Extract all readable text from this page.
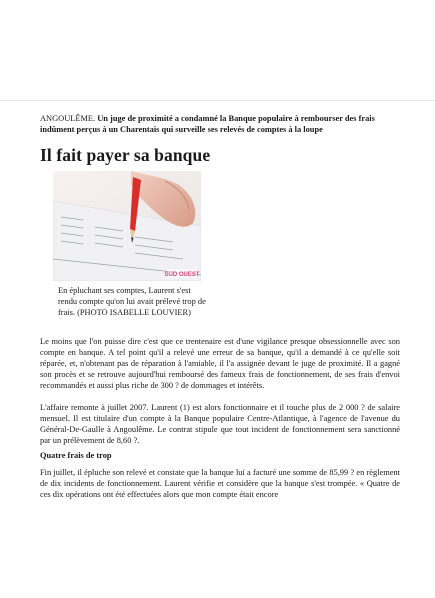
ANGOULÊME. Un juge de proximité a condamné la Banque populaire à rembourser des frais indûment perçus à un Charentais qui surveille ses relevés de comptes à la loupe
Il fait payer sa banque
SUD OUEST
En épluchant ses comptes, Laurent s'est rendu compte qu'on lui avait prélevé trop de frais. (PHOTO ISABELLE LOUVIER)
Le moins que l'on puisse dire c'est que ce trentenaire est d'une vigilance presque obsessionnelle avec son compte en banque. A tel point qu'il a relevé une erreur de sa banque, qu'il a demandé à ce qu'elle soit réparée, et, n'obtenant pas de réparation à l'amiable, il l'a assignée devant le juge de proximité. Il a gagné son procès et se retrouve aujourd'hui remboursé des fameux frais de fonctionnement, de ses frais d'envoi recommandés et aussi plus riche de 300 ? de dommages et intérêts.
L'affaire remonte à juillet 2007. Laurent (1) est alors fonctionnaire et il touche plus de 2 000 ? de salaire mensuel. Il est titulaire d'un compte à la Banque populaire Centre-Atlantique, à l'agence de l'avenue du Général-De-Gaulle à Angoulême. Le contrat stipule que tout incident de fonctionnement sera sanctionné par un prélèvement de 8,60 ?.
Quatre frais de trop
Fin juillet, il épluche son relevé et constate que la banque lui a facturé une somme de 85,99 ? en règlement de dix incidents de fonctionnement. Laurent vérifie et considère que la banque s'est trompée. « Quatre de ces dix opérations ont été effectuées alors que mon compte était encore
